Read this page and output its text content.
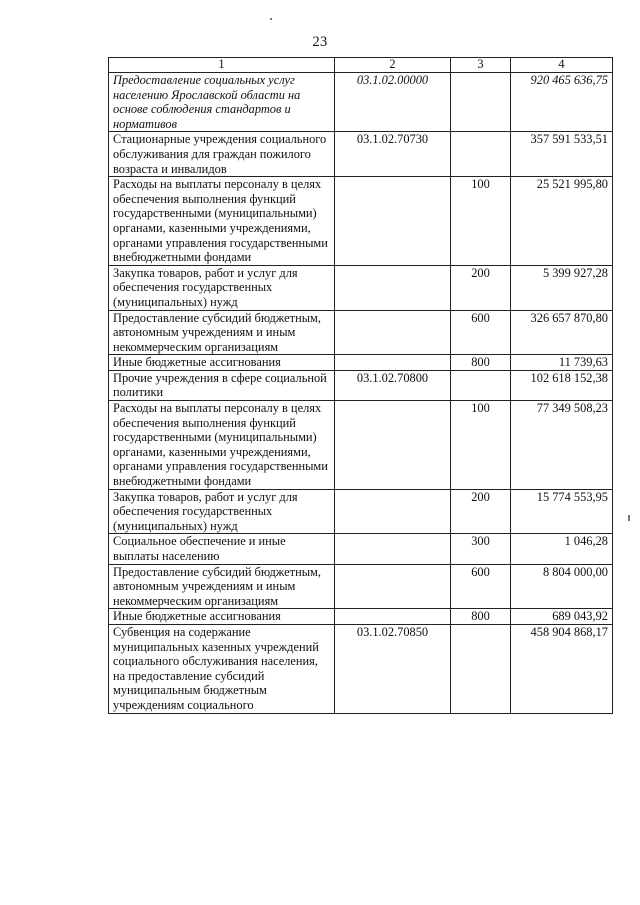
23
1	2	3	4
Предоставление социальных услуг населению Ярославской области на основе соблюдения стандартов и нормативов	03.1.02.00000		920 465 636,75
Стационарные учреждения социального обслуживания для граждан пожилого возраста и инвалидов	03.1.02.70730		357 591 533,51
Расходы на выплаты персоналу в целях обеспечения выполнения функций государственными (муниципальными) органами, казенными учреждениями, органами управления государственными внебюджетными фондами		100	25 521 995,80
Закупка товаров, работ и услуг для обеспечения государственных (муниципальных) нужд		200	5 399 927,28
Предоставление субсидий бюджетным, автономным учреждениям и иным некоммерческим организациям		600	326 657 870,80
Иные бюджетные ассигнования		800	11 739,63
Прочие учреждения в сфере социальной политики	03.1.02.70800		102 618 152,38
Расходы на выплаты персоналу в целях обеспечения выполнения функций государственными (муниципальными) органами, казенными учреждениями, органами управления государственными внебюджетными фондами		100	77 349 508,23
Закупка товаров, работ и услуг для обеспечения государственных (муниципальных) нужд		200	15 774 553,95
Социальное обеспечение и иные выплаты населению		300	1 046,28
Предоставление субсидий бюджетным, автономным учреждениям и иным некоммерческим организациям		600	8 804 000,00
Иные бюджетные ассигнования		800	689 043,92
Субвенция на содержание муниципальных казенных учреждений социального обслуживания населения, на предоставление субсидий муниципальным бюджетным учреждениям социального	03.1.02.70850		458 904 868,17
